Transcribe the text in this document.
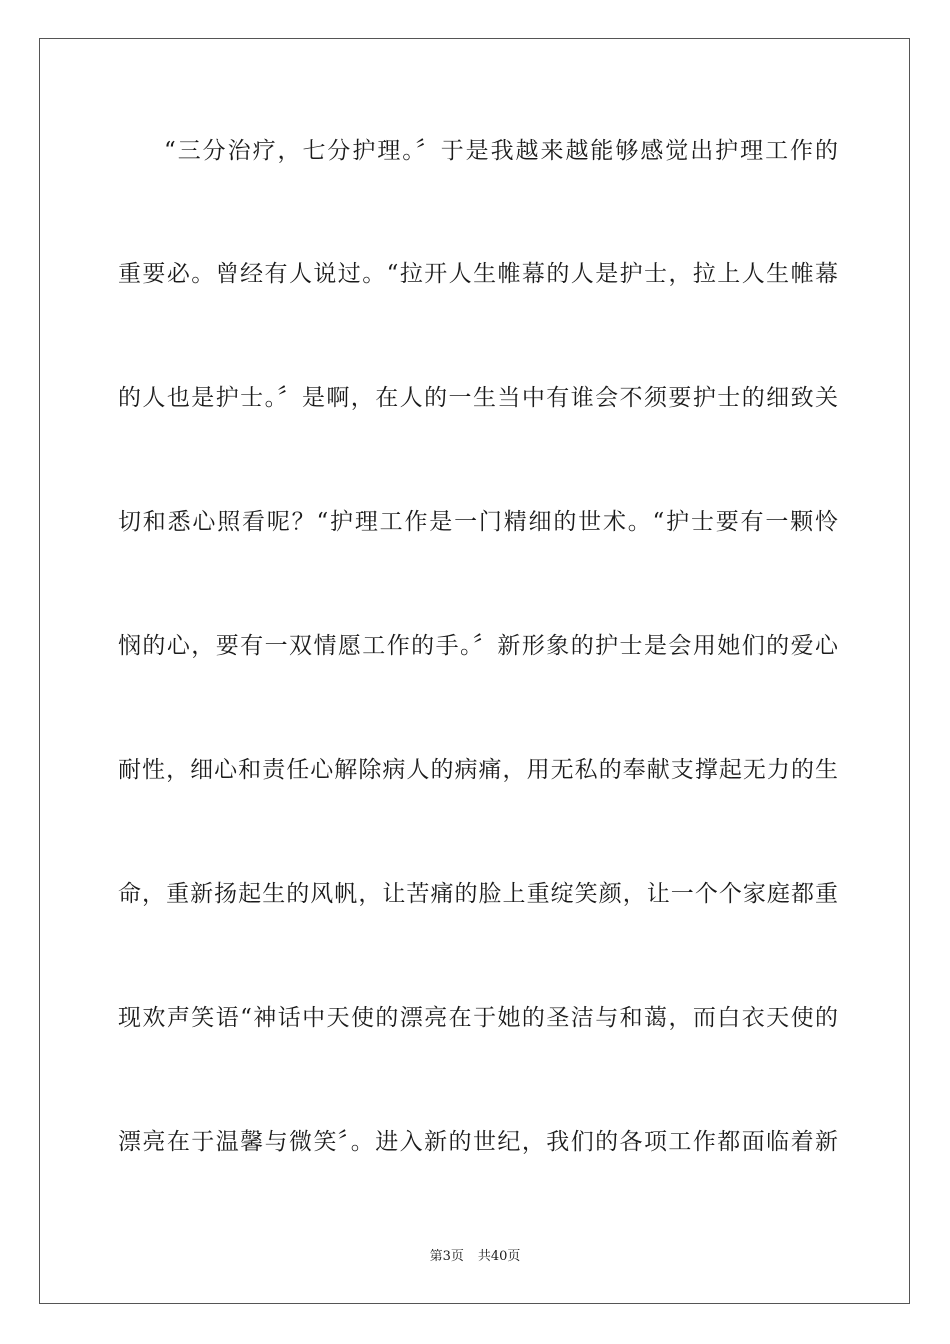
“三分治疗，七分护理。〞于是我越来越能够感觉出护理工作的
重要必。曾经有人说过。“拉开人生帷幕的人是护士，拉上人生帷幕
的人也是护士。〞是啊，在人的一生当中有谁会不须要护士的细致关
切和悉心照看呢？“护理工作是一门精细的世术。“护士要有一颗怜
悯的心，要有一双情愿工作的手。〞新形象的护士是会用她们的爱心
耐性，细心和责任心解除病人的病痛，用无私的奉献支撑起无力的生
命，重新扬起生的风帆，让苦痛的脸上重绽笑颜，让一个个家庭都重
现欢声笑语“神话中天使的漂亮在于她的圣洁与和蔼，而白衣天使的
漂亮在于温馨与微笑〞。进入新的世纪，我们的各项工作都面临着新
第3页 共40页
